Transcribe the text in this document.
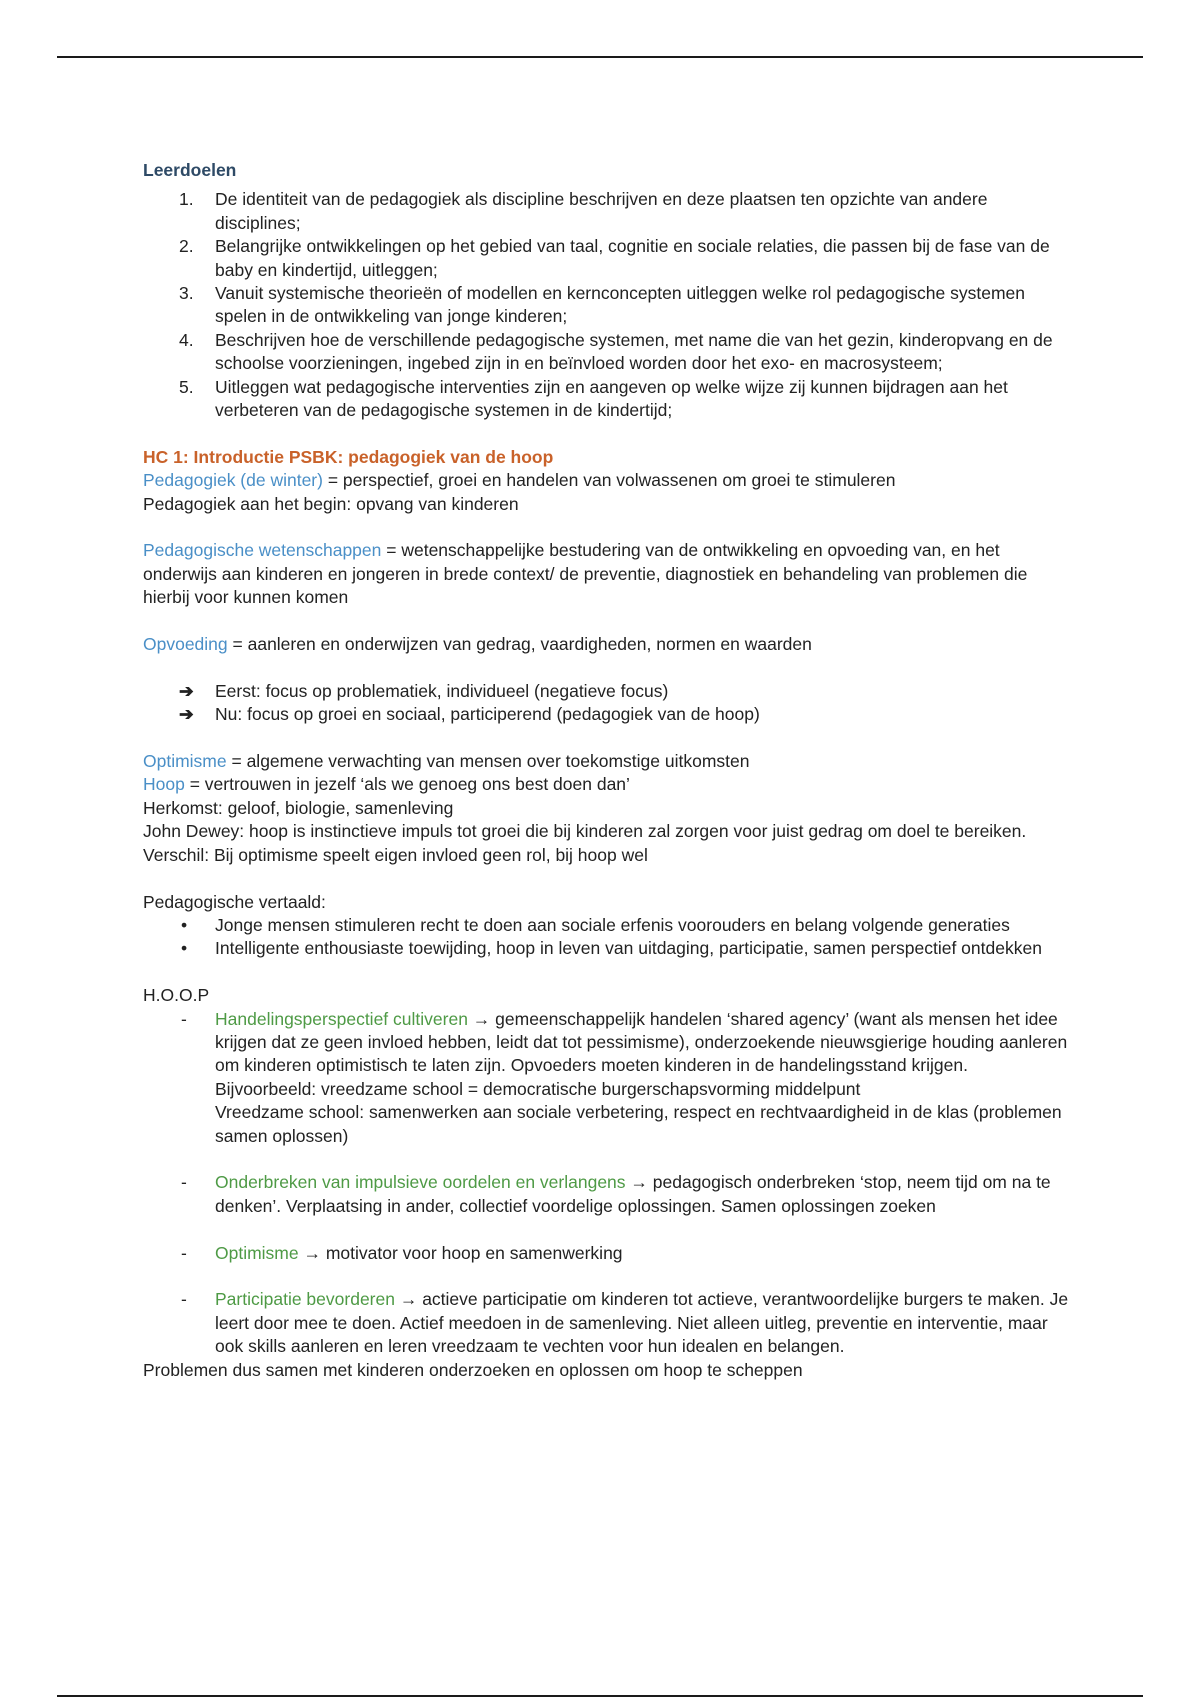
Leerdoelen

1. De identiteit van de pedagogiek als discipline beschrijven en deze plaatsen ten opzichte van andere disciplines;
2. Belangrijke ontwikkelingen op het gebied van taal, cognitie en sociale relaties, die passen bij de fase van de baby en kindertijd, uitleggen;
3. Vanuit systemische theorieën of modellen en kernconcepten uitleggen welke rol pedagogische systemen spelen in de ontwikkeling van jonge kinderen;
4. Beschrijven hoe de verschillende pedagogische systemen, met name die van het gezin, kinderopvang en de schoolse voorzieningen, ingebed zijn in en beïnvloed worden door het exo- en macrosysteem;
5. Uitleggen wat pedagogische interventies zijn en aangeven op welke wijze zij kunnen bijdragen aan het verbeteren van de pedagogische systemen in de kindertijd;

HC 1: Introductie PSBK: pedagogiek van de hoop

Pedagogiek (de winter) = perspectief, groei en handelen van volwassenen om groei te stimuleren

Pedagogiek aan het begin: opvang van kinderen

Pedagogische wetenschappen = wetenschappelijke bestudering van de ontwikkeling en opvoeding van, en het onderwijs aan kinderen en jongeren in brede context/ de preventie, diagnostiek en behandeling van problemen die hierbij voor kunnen komen

Opvoeding = aanleren en onderwijzen van gedrag, vaardigheden, normen en waarden

➔ Eerst: focus op problematiek, individueel (negatieve focus)
➔ Nu: focus op groei en sociaal, participerend (pedagogiek van de hoop)

Optimisme = algemene verwachting van mensen over toekomstige uitkomsten

Hoop = vertrouwen in jezelf ‘als we genoeg ons best doen dan’

Herkomst: geloof, biologie, samenleving

John Dewey: hoop is instinctieve impuls tot groei die bij kinderen zal zorgen voor juist gedrag om doel te bereiken.

Verschil: Bij optimisme speelt eigen invloed geen rol, bij hoop wel

Pedagogische vertaald:

• Jonge mensen stimuleren recht te doen aan sociale erfenis voorouders en belang volgende generaties
• Intelligente enthousiaste toewijding, hoop in leven van uitdaging, participatie, samen perspectief ontdekken

H.O.O.P

- Handelingsperspectief cultiveren → gemeenschappelijk handelen ‘shared agency’ (want als mensen het idee krijgen dat ze geen invloed hebben, leidt dat tot pessimisme), onderzoekende nieuwsgierige houding aanleren om kinderen optimistisch te laten zijn. Opvoeders moeten kinderen in de handelingsstand krijgen.
Bijvoorbeeld: vreedzame school = democratische burgerschapsvorming middelpunt
Vreedzame school: samenwerken aan sociale verbetering, respect en rechtvaardigheid in de klas (problemen samen oplossen)
- Onderbreken van impulsieve oordelen en verlangens → pedagogisch onderbreken ‘stop, neem tijd om na te denken’. Verplaatsing in ander, collectief voordelige oplossingen. Samen oplossingen zoeken
- Optimisme → motivator voor hoop en samenwerking
- Participatie bevorderen → actieve participatie om kinderen tot actieve, verantwoordelijke burgers te maken. Je leert door mee te doen. Actief meedoen in de samenleving. Niet alleen uitleg, preventie en interventie, maar ook skills aanleren en leren vreedzaam te vechten voor hun idealen en belangen.

Problemen dus samen met kinderen onderzoeken en oplossen om hoop te scheppen
